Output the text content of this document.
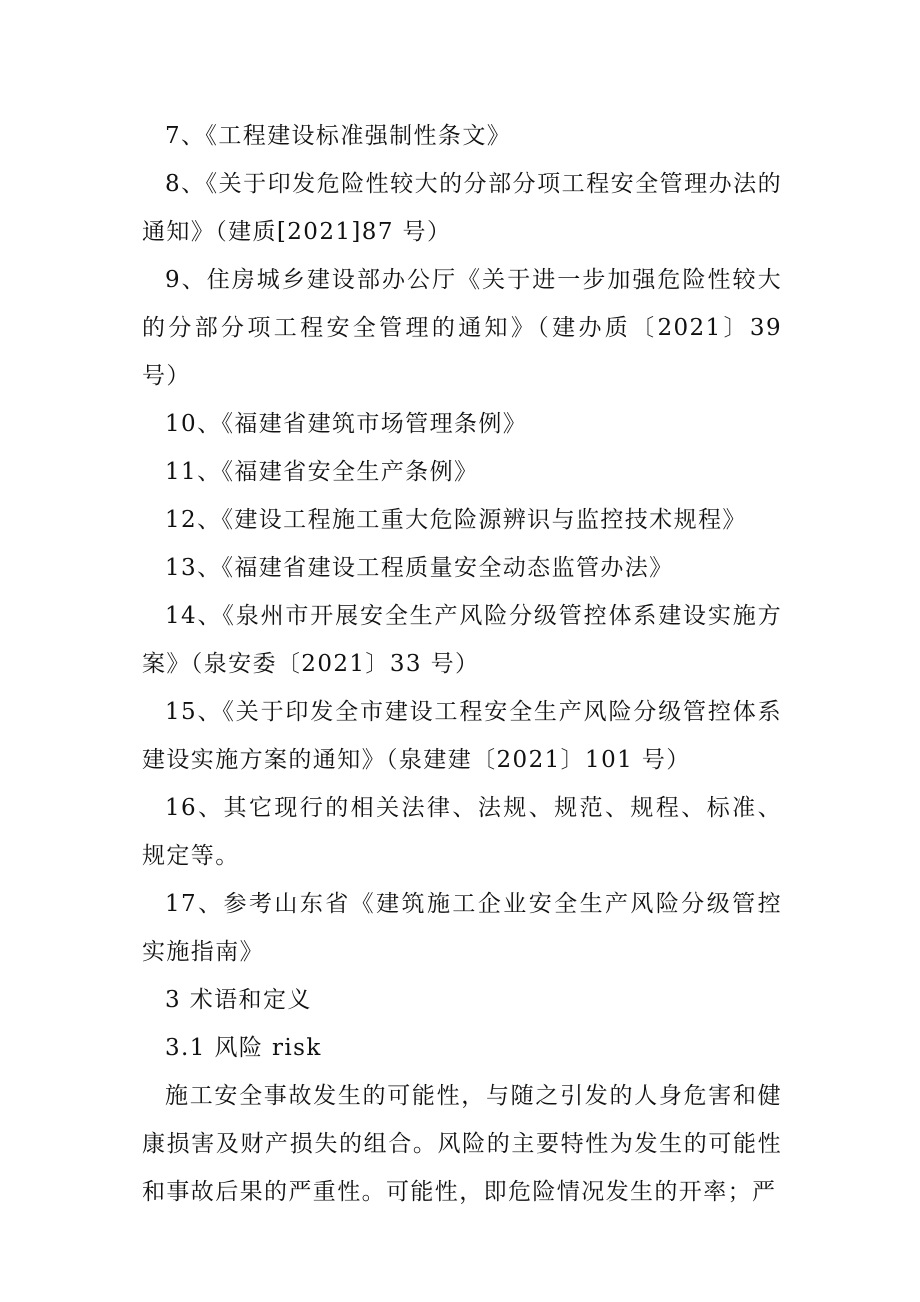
7、《工程建设标准强制性条文》

8、《关于印发危险性较大的分部分项工程安全管理办法的通知》（建质[2021]87 号）

9、住房城乡建设部办公厅《关于进一步加强危险性较大的分部分项工程安全管理的通知》（建办质〔2021〕39 号）

10、《福建省建筑市场管理条例》

11、《福建省安全生产条例》

12、《建设工程施工重大危险源辨识与监控技术规程》

13、《福建省建设工程质量安全动态监管办法》

14、《泉州市开展安全生产风险分级管控体系建设实施方案》（泉安委〔2021〕33 号）

15、《关于印发全市建设工程安全生产风险分级管控体系建设实施方案的通知》（泉建建〔2021〕101 号）

16、其它现行的相关法律、法规、规范、规程、标准、规定等。

17、参考山东省《建筑施工企业安全生产风险分级管控实施指南》

3 术语和定义

3.1 风险 risk

施工安全事故发生的可能性，与随之引发的人身危害和健康损害及财产损失的组合。风险的主要特性为发生的可能性和事故后果的严重性。可能性，即危险情况发生的开率；严
